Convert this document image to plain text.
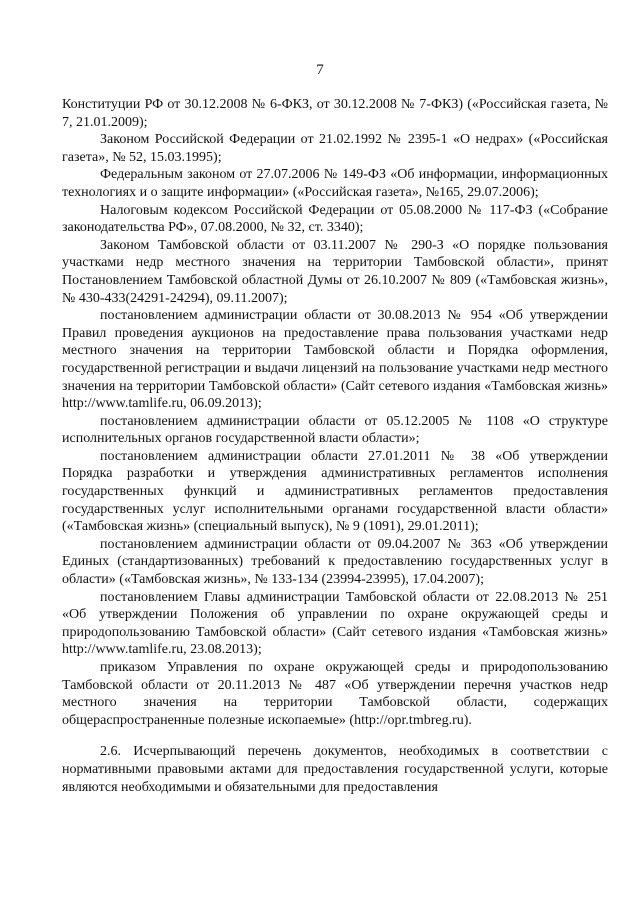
7

Конституции РФ от 30.12.2008 № 6-ФКЗ, от 30.12.2008 № 7-ФКЗ) («Российская газета, № 7, 21.01.2009);

Законом Российской Федерации от 21.02.1992 № 2395-1 «О недрах» («Российская газета», № 52, 15.03.1995);

Федеральным законом от 27.07.2006 № 149-ФЗ «Об информации, информационных технологиях и о защите информации» («Российская газета», №165, 29.07.2006);

Налоговым кодексом Российской Федерации от 05.08.2000 № 117-ФЗ («Собрание законодательства РФ», 07.08.2000, № 32, ст. 3340);

Законом Тамбовской области от 03.11.2007 № 290-З «О порядке пользования участками недр местного значения на территории Тамбовской области», принят Постановлением Тамбовской областной Думы от 26.10.2007 № 809 («Тамбовская жизнь», № 430-433(24291-24294), 09.11.2007);

постановлением администрации области от 30.08.2013 № 954 «Об утверждении Правил проведения аукционов на предоставление права пользования участками недр местного значения на территории Тамбовской области и Порядка оформления, государственной регистрации и выдачи лицензий на пользование участками недр местного значения на территории Тамбовской области» (Сайт сетевого издания «Тамбовская жизнь» http://www.tamlife.ru, 06.09.2013);

постановлением администрации области от 05.12.2005 № 1108 «О структуре исполнительных органов государственной власти области»;

постановлением администрации области 27.01.2011 № 38 «Об утверждении Порядка разработки и утверждения административных регламентов исполнения государственных функций и административных регламентов предоставления государственных услуг исполнительными органами государственной власти области» («Тамбовская жизнь» (специальный выпуск), № 9 (1091), 29.01.2011);

постановлением администрации области от 09.04.2007 № 363 «Об утверждении Единых (стандартизованных) требований к предоставлению государственных услуг в области» («Тамбовская жизнь», № 133-134 (23994-23995), 17.04.2007);

постановлением Главы администрации Тамбовской области от 22.08.2013 № 251 «Об утверждении Положения об управлении по охране окружающей среды и природопользованию Тамбовской области» (Сайт сетевого издания «Тамбовская жизнь» http://www.tamlife.ru, 23.08.2013);

приказом Управления по охране окружающей среды и природопользованию Тамбовской области от 20.11.2013 № 487 «Об утверждении перечня участков недр местного значения на территории Тамбовской области, содержащих общераспространенные полезные ископаемые» (http://opr.tmbreg.ru).

2.6. Исчерпывающий перечень документов, необходимых в соответствии с нормативными правовыми актами для предоставления государственной услуги, которые являются необходимыми и обязательными для предоставления
